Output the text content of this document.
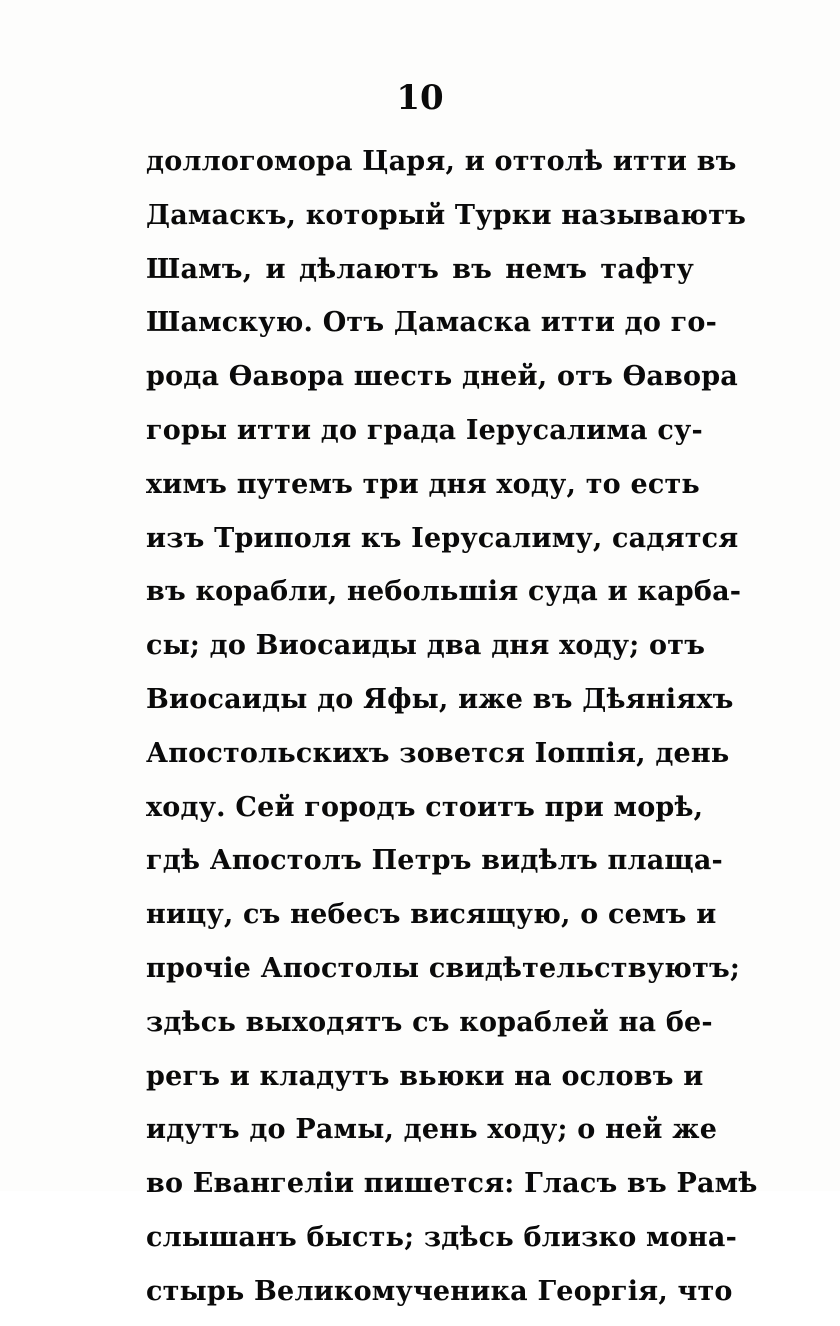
10
доллогомора Царя, и оттолѣ итти въ
Дамаскъ, который Турки называютъ
Шамъ, и дѣлаютъ въ немъ тафту
Шамскую. Отъ Дамаска итти до го-
рода Өавора шесть дней, отъ Өавора
горы итти до града Іерусалима су-
химъ путемъ три дня ходу, то есть
изъ Триполя къ Іерусалиму, садятся
въ корабли, небольшія суда и карба-
сы; до Виосаиды два дня ходу; отъ
Виосаиды до Яфы, иже въ Дѣяніяхъ
Апостольскихъ зовется Іоппія, день
ходу. Сей городъ стоитъ при морѣ,
гдѣ Апостолъ Петръ видѣлъ плащa-
ницу, съ небесъ висящую, о семъ и
прочіе Апостолы свидѣтельствуютъ;
здѣсь выходятъ съ кораблей на бе-
регъ и кладутъ вьюки на ословъ и
идутъ до Рамы, день ходу; о ней же
во Евангеліи пишется: Гласъ въ Рамѣ
слышанъ бысть; здѣсь близко мона-
стырь Великомученика Георгія, что
